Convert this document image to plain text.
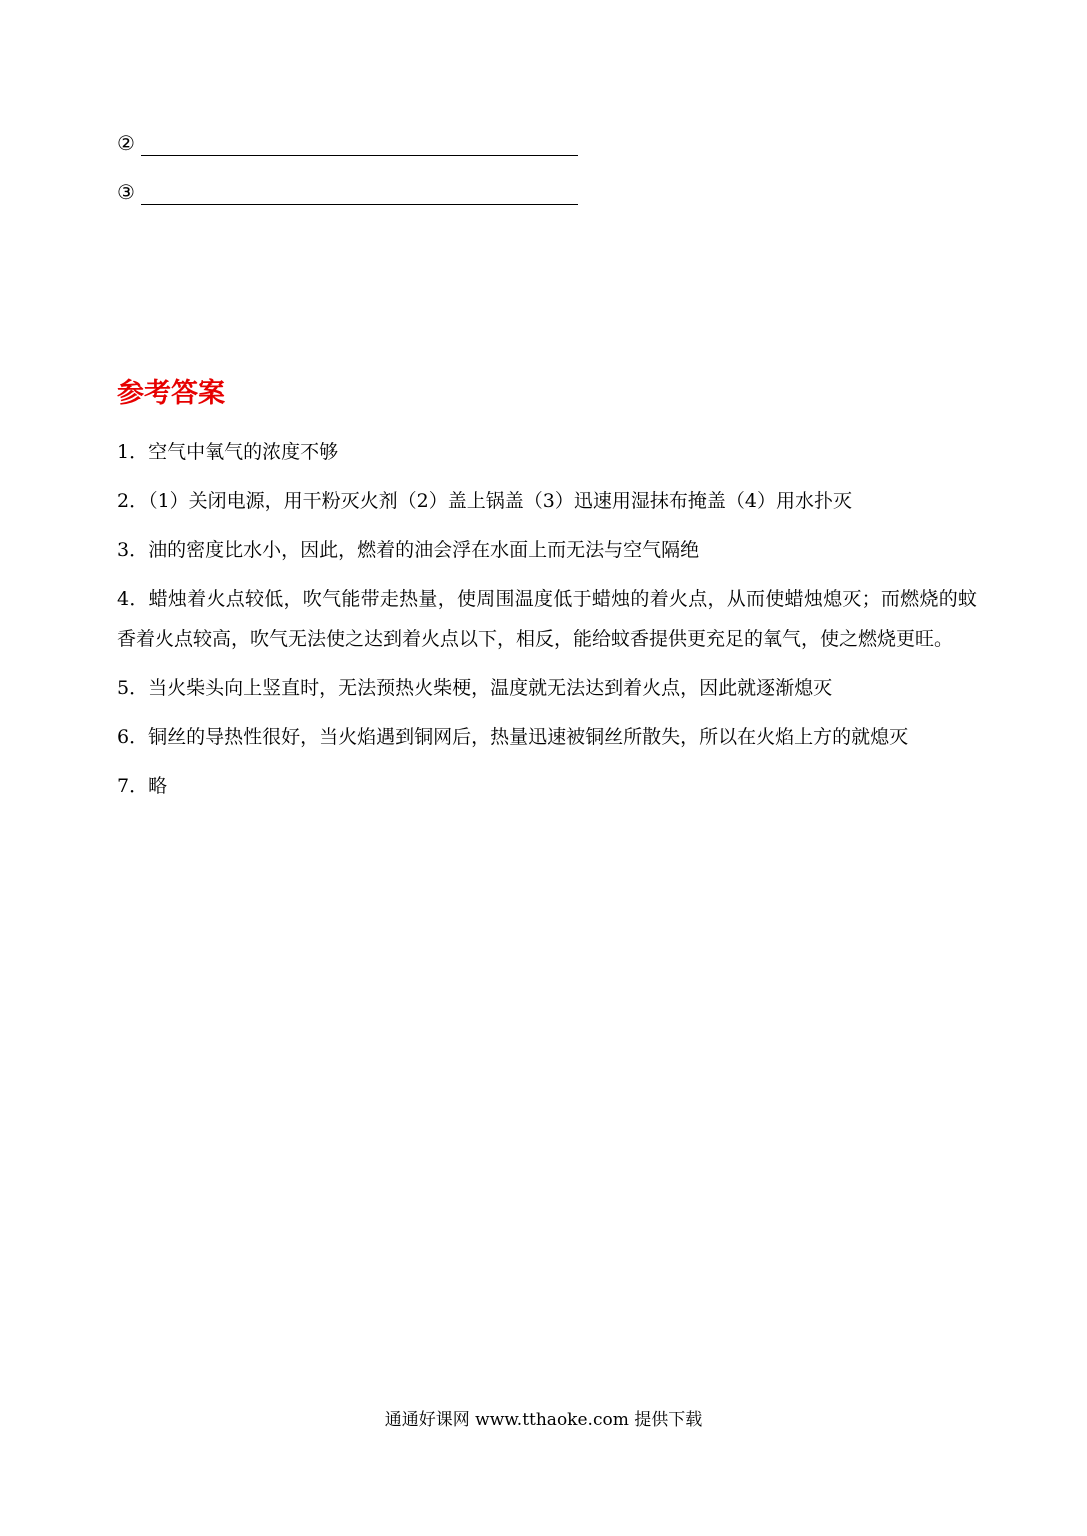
②
③
参考答案

1．空气中氧气的浓度不够

2．（1）关闭电源，用干粉灭火剂（2）盖上锅盖（3）迅速用湿抹布掩盖（4）用水扑灭

3．油的密度比水小，因此，燃着的油会浮在水面上而无法与空气隔绝

4．蜡烛着火点较低，吹气能带走热量，使周围温度低于蜡烛的着火点，从而使蜡烛熄灭；而燃烧的蚊香着火点较高，吹气无法使之达到着火点以下，相反，能给蚊香提供更充足的氧气，使之燃烧更旺。

5．当火柴头向上竖直时，无法预热火柴梗，温度就无法达到着火点，因此就逐渐熄灭

6．铜丝的导热性很好，当火焰遇到铜网后，热量迅速被铜丝所散失，所以在火焰上方的就熄灭

7．略

通通好课网 www.tthaoke.com 提供下载
